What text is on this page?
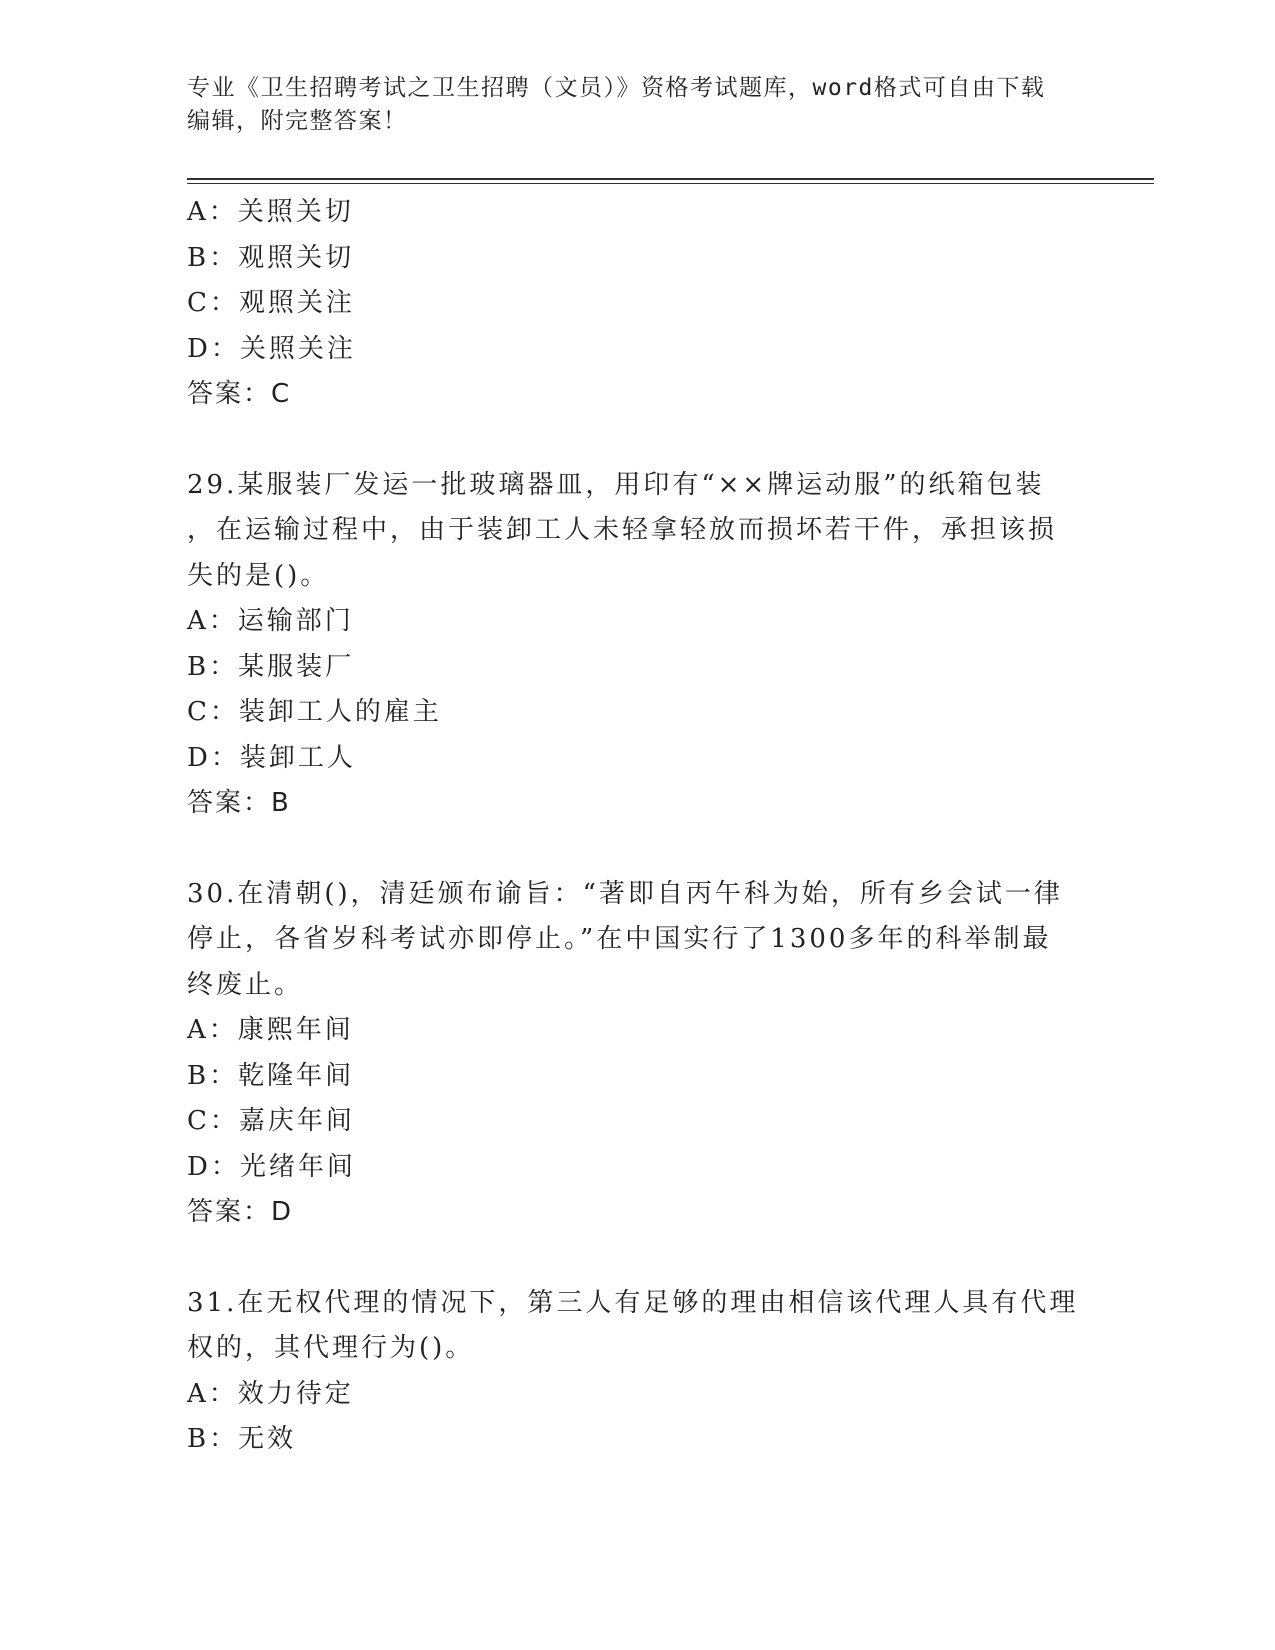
专业《卫生招聘考试之卫生招聘（文员）》资格考试题库，word格式可自由下载
编辑，附完整答案！
A：关照关切
B：观照关切
C：观照关注
D：关照关注
答案：C
29.某服装厂发运一批玻璃器皿，用印有“××牌运动服”的纸箱包装
，在运输过程中，由于装卸工人未轻拿轻放而损坏若干件，承担该损
失的是()。
A：运输部门
B：某服装厂
C：装卸工人的雇主
D：装卸工人
答案：B
30.在清朝()，清廷颁布谕旨：“著即自丙午科为始，所有乡会试一律
停止，各省岁科考试亦即停止。”在中国实行了1300多年的科举制最
终废止。
A：康熙年间
B：乾隆年间
C：嘉庆年间
D：光绪年间
答案：D
31.在无权代理的情况下，第三人有足够的理由相信该代理人具有代理
权的，其代理行为()。
A：效力待定
B：无效
